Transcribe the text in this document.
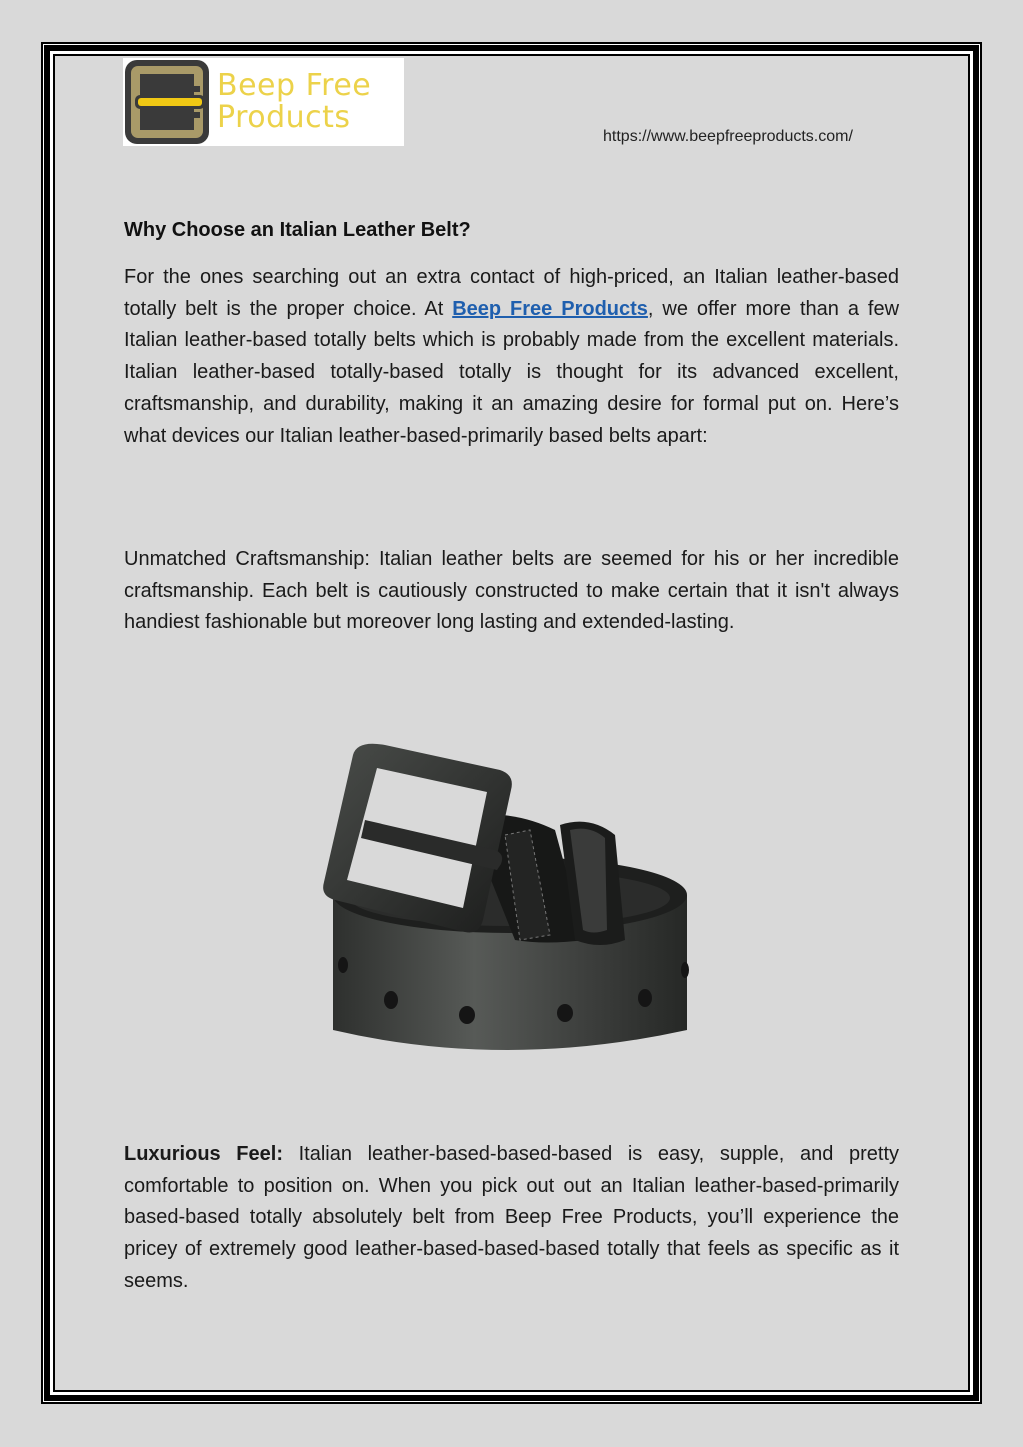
Beep Free
Products
https://www.beepfreeproducts.com/
Why Choose an Italian Leather Belt?
For the ones searching out an extra contact of high-priced, an Italian leather-based totally belt is the proper choice. At Beep Free Products, we offer more than a few Italian leather-based totally belts which is probably made from the excellent materials. Italian leather-based totally-based totally is thought for its advanced excellent, craftsmanship, and durability, making it an amazing desire for formal put on. Here’s what devices our Italian leather-based-primarily based belts apart:
Unmatched Craftsmanship: Italian leather belts are seemed for his or her incredible craftsmanship. Each belt is cautiously constructed to make certain that it isn't always handiest fashionable but moreover long lasting and extended-lasting.
Luxurious Feel: Italian leather-based-based-based is easy, supple, and pretty comfortable to position on. When you pick out out an Italian leather-based-primarily based-based totally absolutely belt from Beep Free Products, you’ll experience the pricey of extremely good leather-based-based-based totally that feels as specific as it seems.
